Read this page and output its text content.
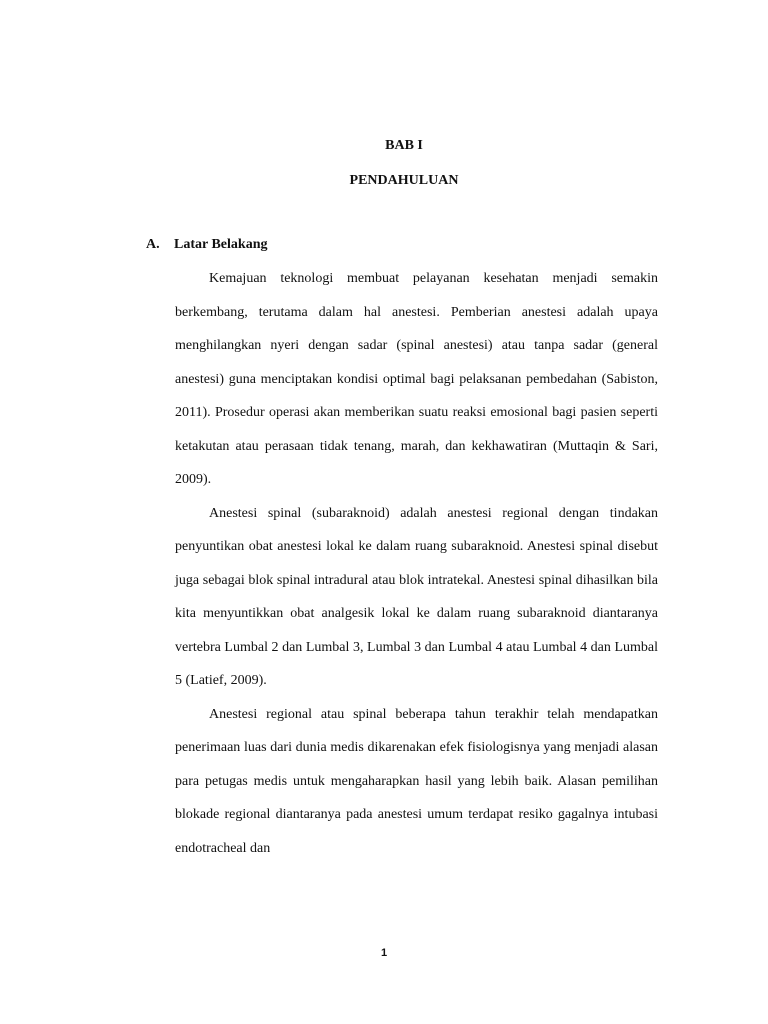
BAB I
PENDAHULUAN
A. Latar Belakang

Kemajuan teknologi membuat pelayanan kesehatan menjadi semakin berkembang, terutama dalam hal anestesi. Pemberian anestesi adalah upaya menghilangkan nyeri dengan sadar (spinal anestesi) atau tanpa sadar (general anestesi) guna menciptakan kondisi optimal bagi pelaksanan pembedahan (Sabiston, 2011). Prosedur operasi akan memberikan suatu reaksi emosional bagi pasien seperti ketakutan atau perasaan tidak tenang, marah, dan kekhawatiran (Muttaqin & Sari, 2009).

Anestesi spinal (subaraknoid) adalah anestesi regional dengan tindakan penyuntikan obat anestesi lokal ke dalam ruang subaraknoid. Anestesi spinal disebut juga sebagai blok spinal intradural atau blok intratekal. Anestesi spinal dihasilkan bila kita menyuntikkan obat analgesik lokal ke dalam ruang subaraknoid diantaranya vertebra Lumbal 2 dan Lumbal 3, Lumbal 3 dan Lumbal 4 atau Lumbal 4 dan Lumbal 5 (Latief, 2009).

Anestesi regional atau spinal beberapa tahun terakhir telah mendapatkan penerimaan luas dari dunia medis dikarenakan efek fisiologisnya yang menjadi alasan para petugas medis untuk mengaharapkan hasil yang lebih baik. Alasan pemilihan blokade regional diantaranya pada anestesi umum terdapat resiko gagalnya intubasi endotracheal dan

1
